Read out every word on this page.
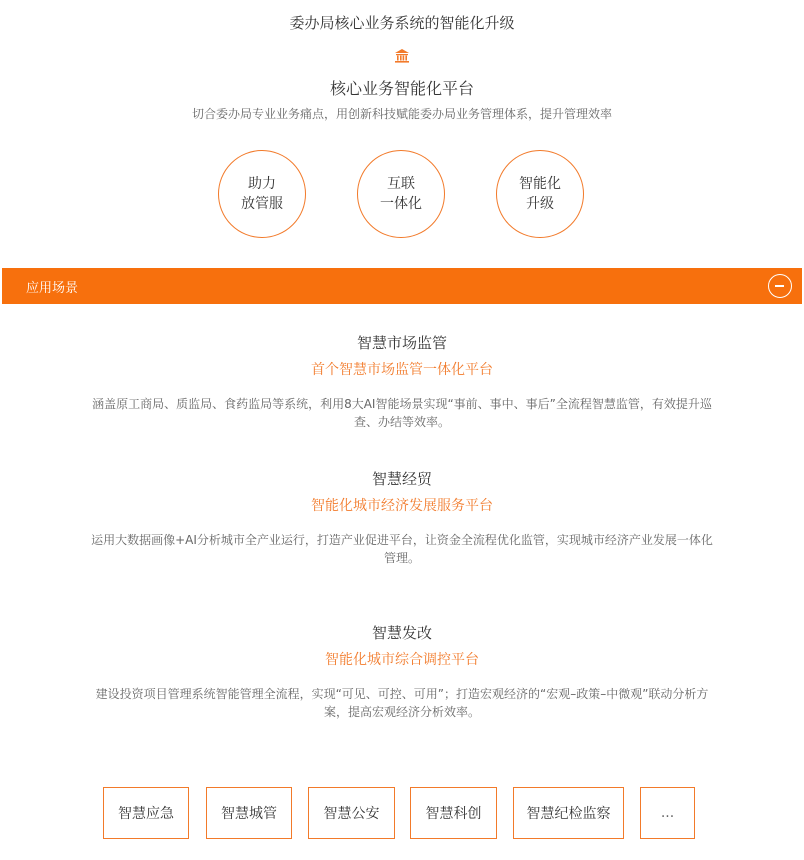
委办局核心业务系统的智能化升级
核心业务智能化平台
切合委办局专业业务痛点，用创新科技赋能委办局业务管理体系，提升管理效率
助力
放管服
互联
一体化
智能化
升级
应用场景
智慧市场监管
首个智慧市场监管一体化平台
涵盖原工商局、质监局、食药监局等系统，利用8大AI智能场景实现“事前、事中、事后”全流程智慧监管，有效提升巡查、办结等效率。
智慧经贸
智能化城市经济发展服务平台
运用大数据画像+AI分析城市全产业运行，打造产业促进平台，让资金全流程优化监管，实现城市经济产业发展一体化管理。
智慧发改
智能化城市综合调控平台
建设投资项目管理系统智能管理全流程，实现“可见、可控、可用”；打造宏观经济的“宏观–政策–中微观”联动分析方案，提高宏观经济分析效率。
智慧应急	智慧城管	智慧公安	智慧科创	智慧纪检监察	...
